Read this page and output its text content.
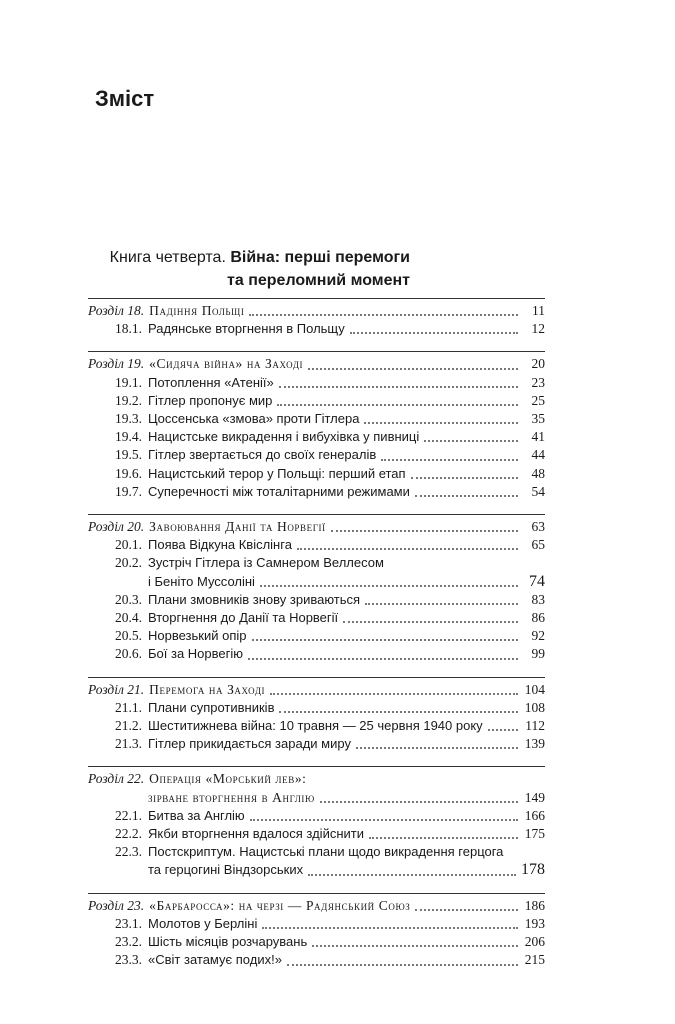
Зміст
Книга четверта. Війна: перші перемоги
та переломний момент
Розділ 18. Падіння Польщі	11
18.1. Радянське вторгнення в Польщу	12
Розділ 19. «Сидяча війна» на Заході	20
19.1. Потоплення «Атенії»	23
19.2. Гітлер пропонує мир	25
19.3. Цоссенська «змова» проти Гітлера	35
19.4. Нацистське викрадення і вибухівка у пивниці	41
19.5. Гітлер звертається до своїх генералів	44
19.6. Нацистський терор у Польщі: перший етап	48
19.7. Суперечності між тоталітарними режимами	54
Розділ 20. Завоювання Данії та Норвегії	63
20.1. Поява Відкуна Квіслінга	65
20.2. Зустріч Гітлера із Самнером Веллесом
і Беніто Муссоліні	74
20.3. Плани змовників знову зриваються	83
20.4. Вторгнення до Данії та Норвегії	86
20.5. Норвезький опір	92
20.6. Бої за Норвегію	99
Розділ 21. Перемога на Заході	104
21.1. Плани супротивників	108
21.2. Шеститижнева війна: 10 травня — 25 червня 1940 року	112
21.3. Гітлер прикидається заради миру	139
Розділ 22. Операція «Морський лев»:
зірване вторгнення в Англію	149
22.1. Битва за Англію	166
22.2. Якби вторгнення вдалося здійснити	175
22.3. Постскриптум. Нацистські плани щодо викрадення герцога
та герцогині Віндзорських	178
Розділ 23. «Барбаросса»: на черзі — Радянський Союз	186
23.1. Молотов у Берліні	193
23.2. Шість місяців розчарувань	206
23.3. «Світ затамує подих!»	215
